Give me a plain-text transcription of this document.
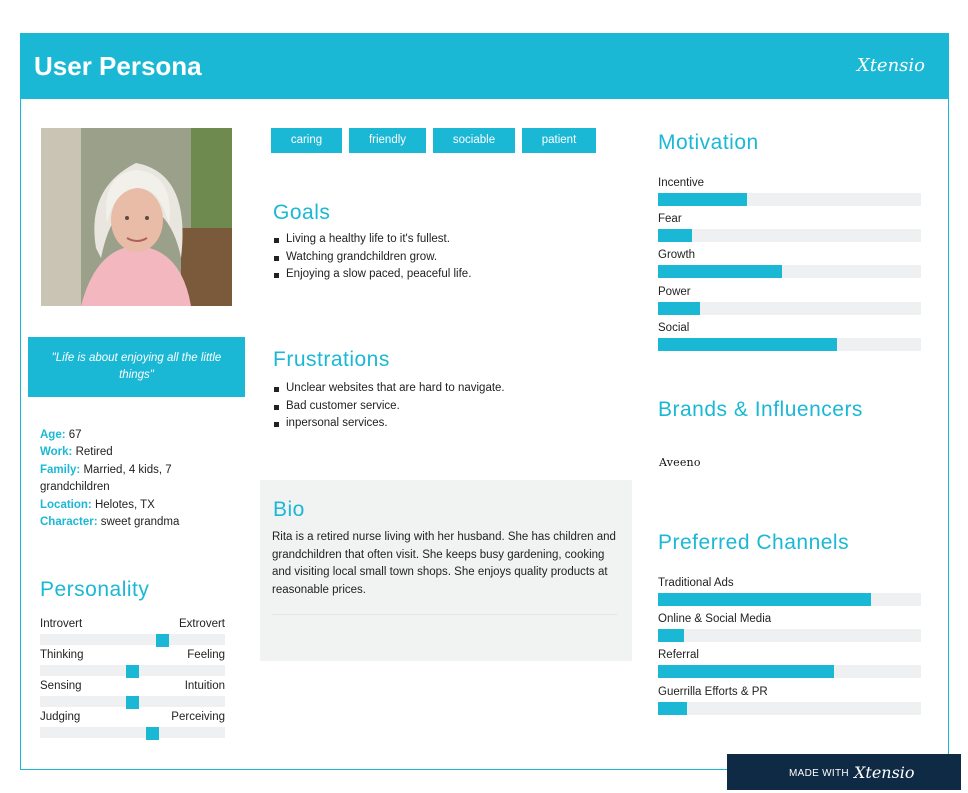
User Persona	Xtensio
"Life is about enjoying all the little things"
Age: 67
Work: Retired
Family: Married, 4 kids, 7 grandchildren
Location: Helotes, TX
Character: sweet grandma
Personality
Introvert	Extrovert
Thinking	Feeling
Sensing	Intuition
Judging	Perceiving
caring	friendly	sociable	patient
Goals
Living a healthy life to it's fullest.
Watching grandchildren grow.
Enjoying a slow paced, peaceful life.
Frustrations
Unclear websites that are hard to navigate.
Bad customer service.
inpersonal services.
Bio
Rita is a retired nurse living with her husband. She has children and grandchildren that often visit. She keeps busy gardening, cooking and visiting local small town shops. She enjoys quality products at reasonable prices.
Motivation
Incentive
Fear
Growth
Power
Social
Brands & Influencers
Aveeno
Preferred Channels
Traditional Ads
Online & Social Media
Referral
Guerrilla Efforts & PR
MADE WITH Xtensio
